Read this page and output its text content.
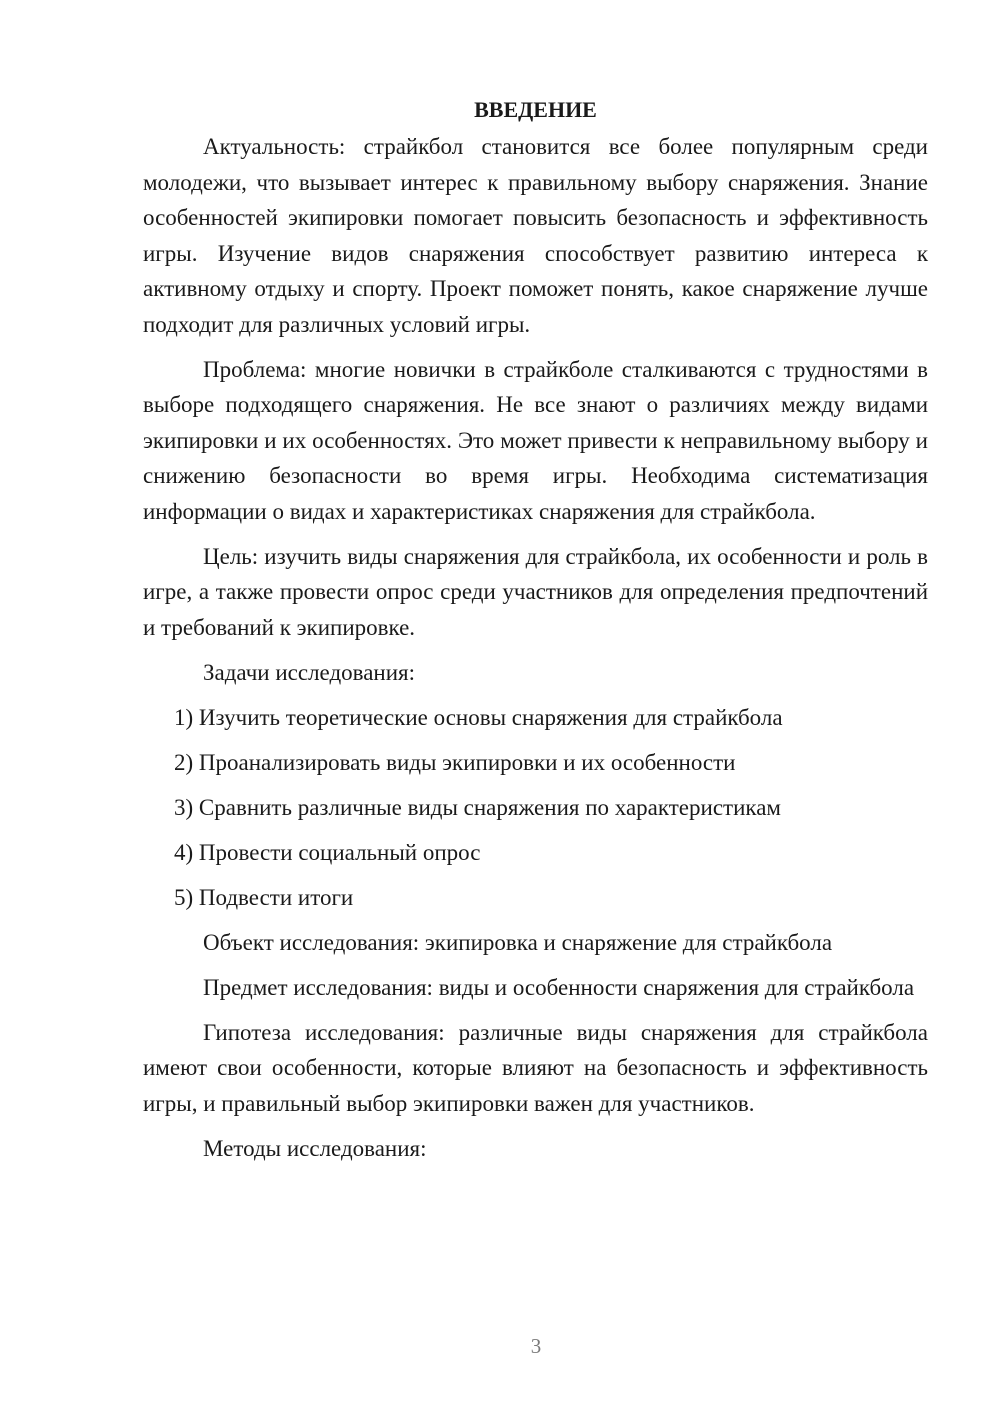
ВВЕДЕНИЕ

Актуальность: страйкбол становится все более популярным среди молодежи, что вызывает интерес к правильному выбору снаряжения. Знание особенностей экипировки помогает повысить безопасность и эффективность игры. Изучение видов снаряжения способствует развитию интереса к активному отдыху и спорту. Проект поможет понять, какое снаряжение лучше подходит для различных условий игры.

Проблема: многие новички в страйкболе сталкиваются с трудностями в выборе подходящего снаряжения. Не все знают о различиях между видами экипировки и их особенностях. Это может привести к неправильному выбору и снижению безопасности во время игры. Необходима систематизация информации о видах и характеристиках снаряжения для страйкбола.

Цель: изучить виды снаряжения для страйкбола, их особенности и роль в игре, а также провести опрос среди участников для определения предпочтений и требований к экипировке.

Задачи исследования:

1) Изучить теоретические основы снаряжения для страйкбола
2) Проанализировать виды экипировки и их особенности
3) Сравнить различные виды снаряжения по характеристикам
4) Провести социальный опрос
5) Подвести итоги

Объект исследования: экипировка и снаряжение для страйкбола

Предмет исследования: виды и особенности снаряжения для страйкбола

Гипотеза исследования: различные виды снаряжения для страйкбола имеют свои особенности, которые влияют на безопасность и эффективность игры, и правильный выбор экипировки важен для участников.

Методы исследования:

3
